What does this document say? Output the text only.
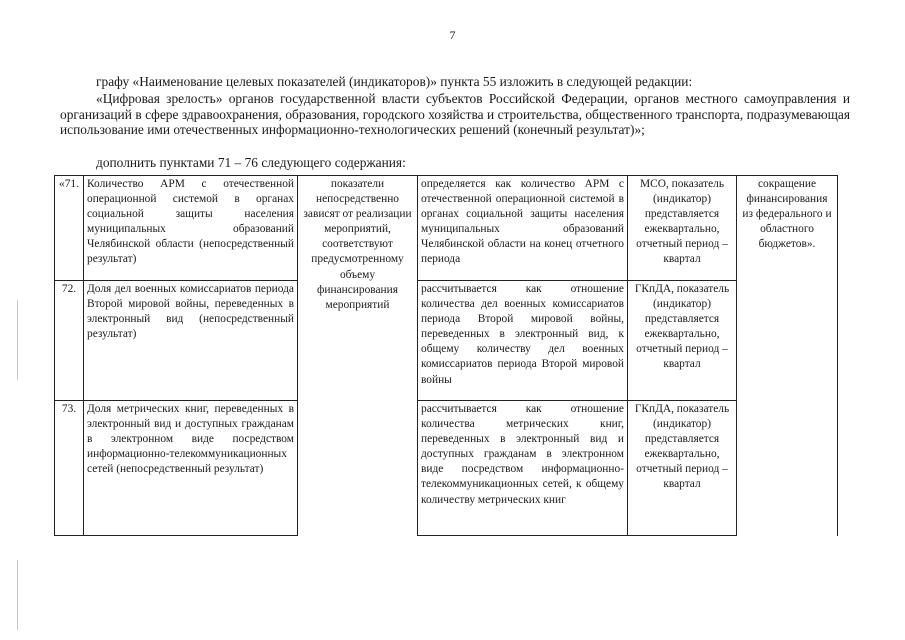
7

графу «Наименование целевых показателей (индикаторов)» пункта 55 изложить в следующей редакции:

«Цифровая зрелость» органов государственной власти субъектов Российской Федерации, органов местного самоуправления и организаций в сфере здравоохранения, образования, городского хозяйства и строительства, общественного транспорта, подразумевающая использование ими отечественных информационно-технологических решений (конечный результат)»;

дополнить пунктами 71 – 76 следующего содержания:

«71.	Количество АРМ с отечественной операционной системой в органах социальной защиты населения муниципальных образований Челябинской области (непосредственный результат)	показатели непосредственно зависят от реализации мероприятий, соответствуют предусмотренному объему финансирования мероприятий	определяется как количество АРМ с отечественной операционной системой в органах социальной защиты населения муниципальных образований Челябинской области на конец отчетного периода	МСО, показатель (индикатор) представляется ежеквартально, отчетный период – квартал	сокращение финансирования из федерального и областного бюджетов».
72.	Доля дел военных комиссариатов периода Второй мировой войны, переведенных в электронный вид (непосредственный результат)		рассчитывается как отношение количества дел военных комиссариатов периода Второй мировой войны, переведенных в электронный вид, к общему количеству дел военных комиссариатов периода Второй мировой войны	ГКпДА, показатель (индикатор) представляется ежеквартально, отчетный период – квартал	
73.	Доля метрических книг, переведенных в электронный вид и доступных гражданам в электронном виде посредством информационно-телекоммуникационных сетей (непосредственный результат)		рассчитывается как отношение количества метрических книг, переведенных в электронный вид и доступных гражданам в электронном виде посредством информационно-телекоммуникационных сетей, к общему количеству метрических книг	ГКпДА, показатель (индикатор) представляется ежеквартально, отчетный период – квартал	
